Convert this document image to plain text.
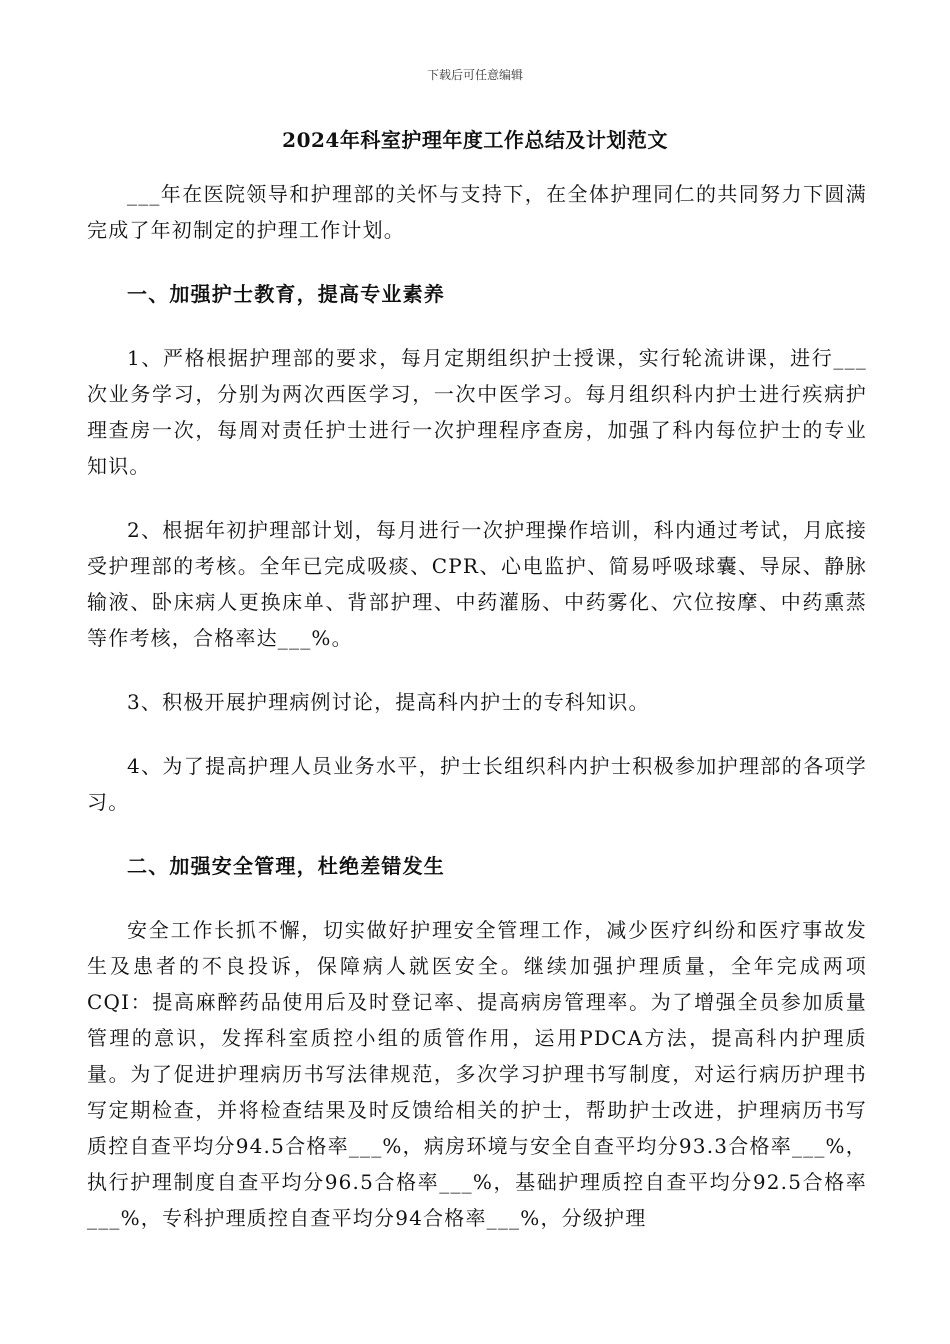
下载后可任意编辑
2024年科室护理年度工作总结及计划范文

___年在医院领导和护理部的关怀与支持下，在全体护理同仁的共同努力下圆满完成了年初制定的护理工作计划。

一、加强护士教育，提高专业素养

1、严格根据护理部的要求，每月定期组织护士授课，实行轮流讲课，进行___次业务学习，分别为两次西医学习，一次中医学习。每月组织科内护士进行疾病护理查房一次，每周对责任护士进行一次护理程序查房，加强了科内每位护士的专业知识。

2、根据年初护理部计划，每月进行一次护理操作培训，科内通过考试，月底接受护理部的考核。全年已完成吸痰、CPR、心电监护、简易呼吸球囊、导尿、静脉输液、卧床病人更换床单、背部护理、中药灌肠、中药雾化、穴位按摩、中药熏蒸等作考核，合格率达___%。

3、积极开展护理病例讨论，提高科内护士的专科知识。

4、为了提高护理人员业务水平，护士长组织科内护士积极参加护理部的各项学习。

二、加强安全管理，杜绝差错发生

安全工作长抓不懈，切实做好护理安全管理工作，减少医疗纠纷和医疗事故发生及患者的不良投诉，保障病人就医安全。继续加强护理质量，全年完成两项CQI：提高麻醉药品使用后及时登记率、提高病房管理率。为了增强全员参加质量管理的意识，发挥科室质控小组的质管作用，运用PDCA方法，提高科内护理质量。为了促进护理病历书写法律规范，多次学习护理书写制度，对运行病历护理书写定期检查，并将检查结果及时反馈给相关的护士，帮助护士改进，护理病历书写质控自查平均分94.5合格率___%，病房环境与安全自查平均分93.3合格率___%，执行护理制度自查平均分96.5合格率___%，基础护理质控自查平均分92.5合格率___%，专科护理质控自查平均分94合格率___%，分级护理
